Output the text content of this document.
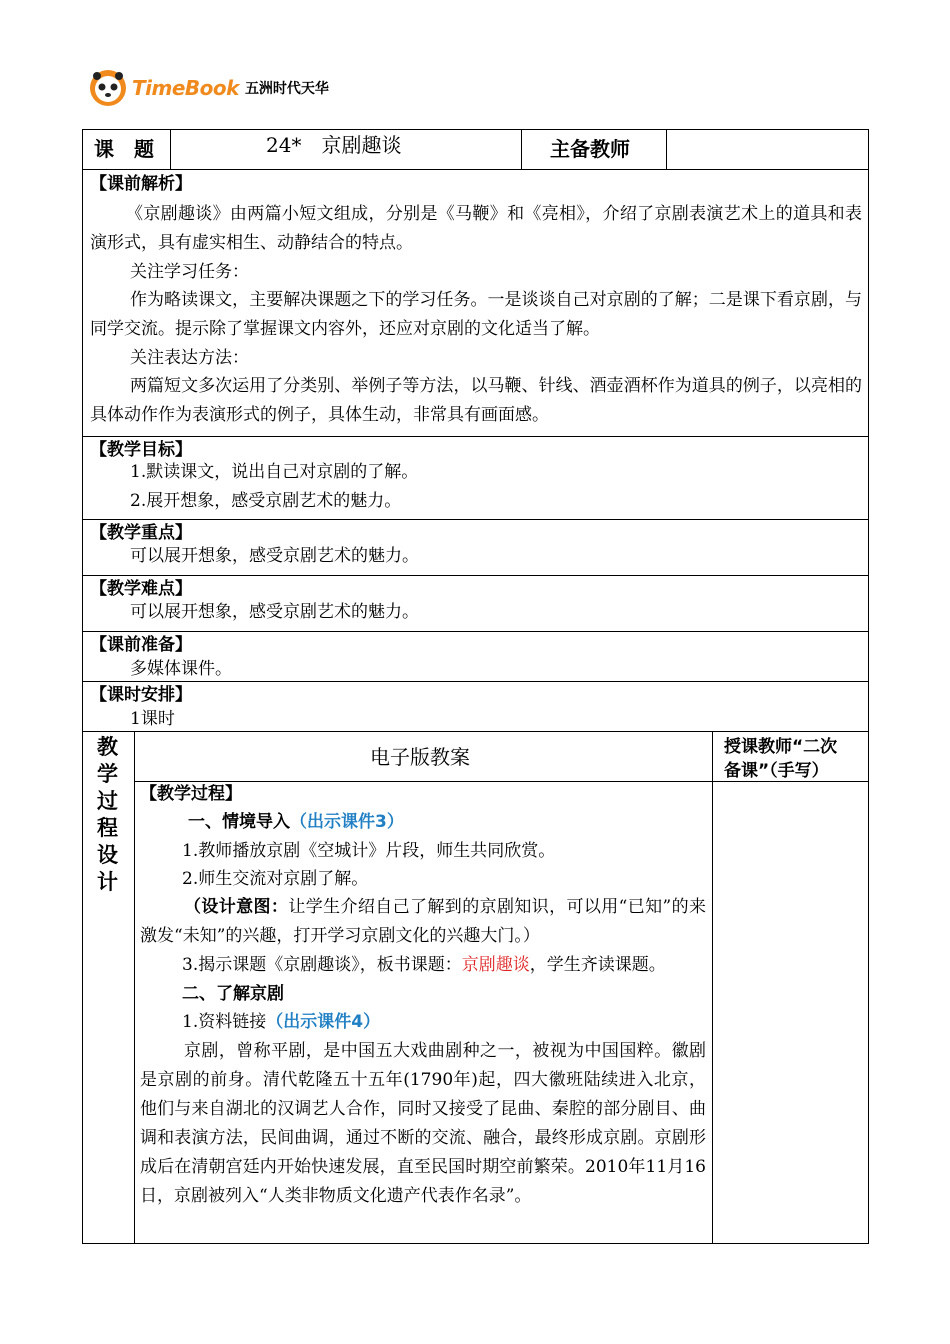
TimeBook 五洲时代天华
课　题	24*　京剧趣谈	主备教师
【课前解析】
《京剧趣谈》由两篇小短文组成，分别是《马鞭》和《亮相》，介绍了京剧表演艺术上的道具和表演形式，具有虚实相生、动静结合的特点。
关注学习任务：
作为略读课文，主要解决课题之下的学习任务。一是谈谈自己对京剧的了解；二是课下看京剧，与同学交流。提示除了掌握课文内容外，还应对京剧的文化适当了解。
关注表达方法：
两篇短文多次运用了分类别、举例子等方法，以马鞭、针线、酒壶酒杯作为道具的例子，以亮相的具体动作作为表演形式的例子，具体生动，非常具有画面感。
【教学目标】
1.默读课文，说出自己对京剧的了解。
2.展开想象，感受京剧艺术的魅力。
【教学重点】
可以展开想象，感受京剧艺术的魅力。
【教学难点】
可以展开想象，感受京剧艺术的魅力。
【课前准备】
多媒体课件。
【课时安排】
1课时
教
学
过
程
设
计
电子版教案	授课教师“二次
备课”（手写）
【教学过程】
一、情境导入（出示课件3）
1.教师播放京剧《空城计》片段，师生共同欣赏。
2.师生交流对京剧了解。
（设计意图：让学生介绍自己了解到的京剧知识，可以用“已知”的来激发“未知”的兴趣，打开学习京剧文化的兴趣大门。）
3.揭示课题《京剧趣谈》，板书课题：京剧趣谈，学生齐读课题。
二、了解京剧
1.资料链接（出示课件4）
京剧，曾称平剧，是中国五大戏曲剧种之一，被视为中国国粹。徽剧是京剧的前身。清代乾隆五十五年(1790年)起，四大徽班陆续进入北京，他们与来自湖北的汉调艺人合作，同时又接受了昆曲、秦腔的部分剧目、曲调和表演方法，民间曲调，通过不断的交流、融合，最终形成京剧。京剧形成后在清朝宫廷内开始快速发展，直至民国时期空前繁荣。2010年11月16日，京剧被列入“人类非物质文化遗产代表作名录”。
